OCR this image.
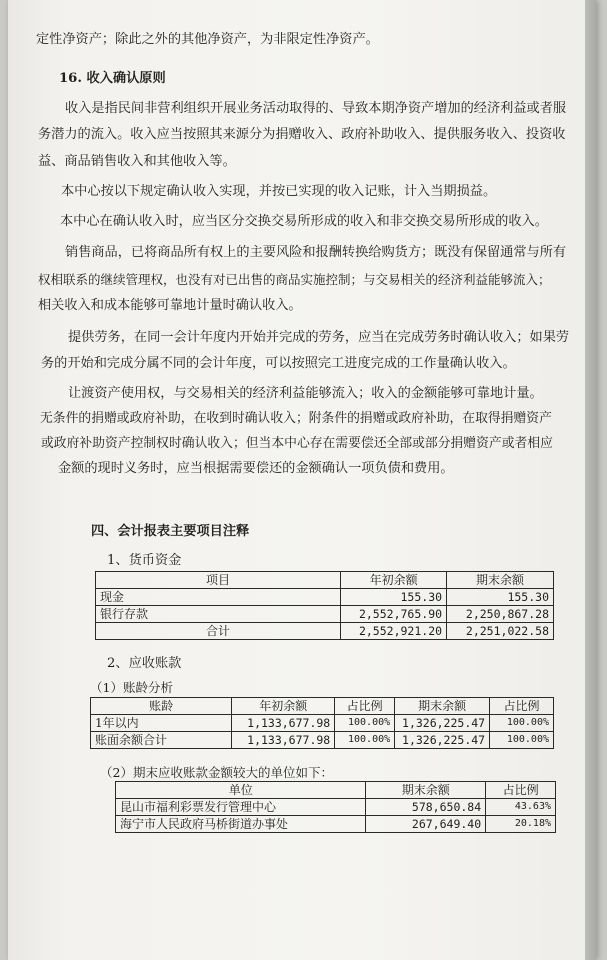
定性净资产；除此之外的其他净资产，为非限定性净资产。
16. 收入确认原则
收入是指民间非营利组织开展业务活动取得的、导致本期净资产增加的经济利益或者服
务潜力的流入。收入应当按照其来源分为捐赠收入、政府补助收入、提供服务收入、投资收
益、商品销售收入和其他收入等。
本中心按以下规定确认收入实现，并按已实现的收入记账，计入当期损益。
本中心在确认收入时，应当区分交换交易所形成的收入和非交换交易所形成的收入。
销售商品，已将商品所有权上的主要风险和报酬转换给购货方；既没有保留通常与所有
权相联系的继续管理权，也没有对已出售的商品实施控制；与交易相关的经济利益能够流入；
相关收入和成本能够可靠地计量时确认收入。
提供劳务，在同一会计年度内开始并完成的劳务，应当在完成劳务时确认收入；如果劳
务的开始和完成分属不同的会计年度，可以按照完工进度完成的工作量确认收入。
让渡资产使用权，与交易相关的经济利益能够流入；收入的金额能够可靠地计量。
无条件的捐赠或政府补助，在收到时确认收入；附条件的捐赠或政府补助，在取得捐赠资产
或政府补助资产控制权时确认收入；但当本中心存在需要偿还全部或部分捐赠资产或者相应
金额的现时义务时，应当根据需要偿还的金额确认一项负债和费用。
四、会计报表主要项目注释
1、货币资金
项目	年初余额	期末余额
现金	155.30	155.30
银行存款	2,552,765.90	2,250,867.28
合计	2,552,921.20	2,251,022.58
2、应收账款
（1）账龄分析
账龄	年初余额	占比例	期末余额	占比例
1年以内	1,133,677.98	100.00%	1,326,225.47	100.00%
账面余额合计	1,133,677.98	100.00%	1,326,225.47	100.00%
（2）期末应收账款金额较大的单位如下：
单位	期末余额	占比例
昆山市福利彩票发行管理中心	578,650.84	43.63%
海宁市人民政府马桥街道办事处	267,649.40	20.18%
